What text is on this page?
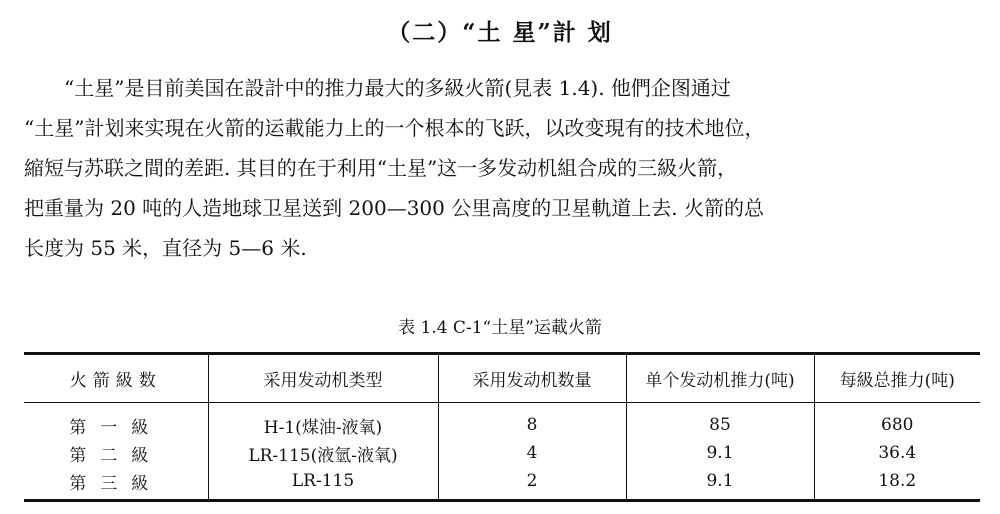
（二）“土 星”計 划

“土星”是目前美国在設計中的推力最大的多級火箭(見表 1.4). 他們企图通过
“土星”計划来实現在火箭的运載能力上的一个根本的飞跃，以改变現有的技术地位，
縮短与苏联之間的差距. 其目的在于利用“土星”这一多发动机組合成的三級火箭，
把重量为 20 吨的人造地球卫星送到 200—300 公里高度的卫星軌道上去. 火箭的总
长度为 55 米，直径为 5—6 米.

表 1.4 C-1“土星”运載火箭
火箭級数	采用发动机类型	采用发动机数量	单个发动机推力(吨)	每級总推力(吨)
第一級	H-1(煤油-液氧)	8	85	680
第二級	LR-115(液氫-液氧)	4	9.1	36.4
第三級	LR-115	2	9.1	18.2
